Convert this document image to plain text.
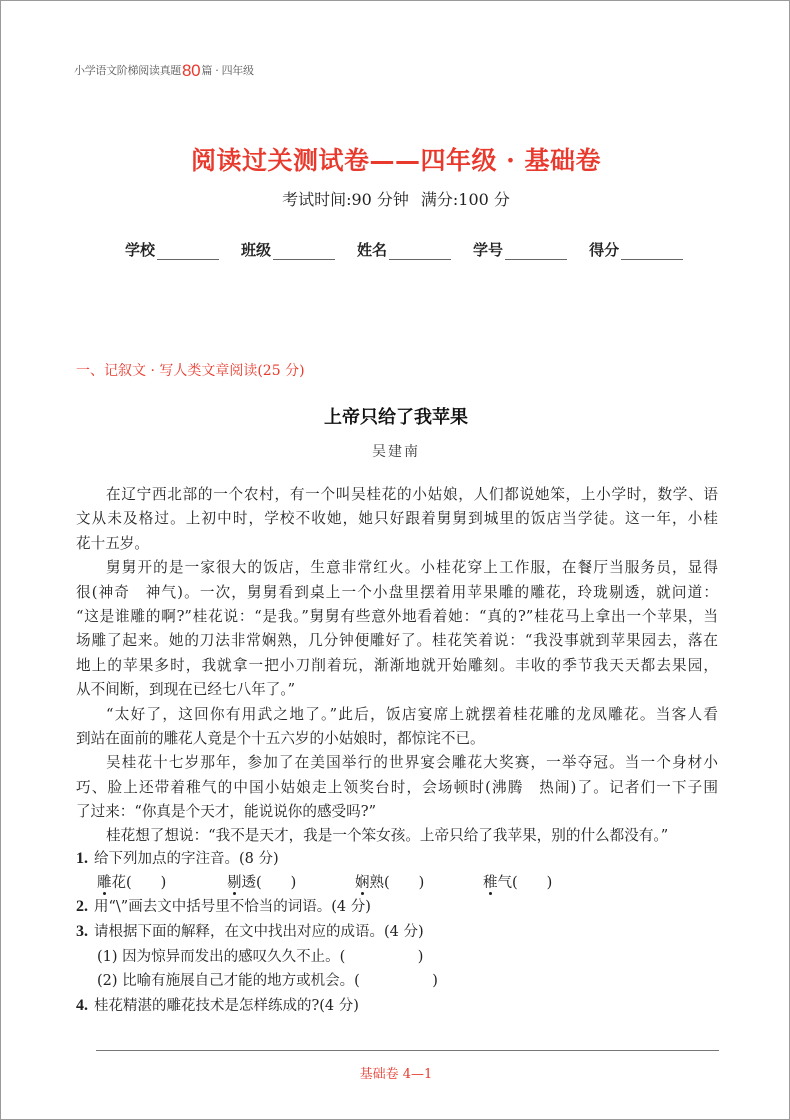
小学语文阶梯阅读真题80篇 · 四年级
阅读过关测试卷——四年级 · 基础卷
考试时间:90 分钟 满分:100 分
学校	班级	姓名	学号	得分
一、记叙文 · 写人类文章阅读(25 分)
上帝只给了我苹果
吴建南
在辽宁西北部的一个农村，有一个叫吴桂花的小姑娘，人们都说她笨，上小学时，数学、语
文从未及格过。上初中时，学校不收她，她只好跟着舅舅到城里的饭店当学徒。这一年，小桂
花十五岁。
舅舅开的是一家很大的饭店，生意非常红火。小桂花穿上工作服，在餐厅当服务员，显得
很(神奇　神气)。一次，舅舅看到桌上一个小盘里摆着用苹果雕的雕花，玲珑剔透，就问道：
“这是谁雕的啊?”桂花说：“是我。”舅舅有些意外地看着她：“真的?”桂花马上拿出一个苹果，当
场雕了起来。她的刀法非常娴熟，几分钟便雕好了。桂花笑着说：“我没事就到苹果园去，落在
地上的苹果多时，我就拿一把小刀削着玩，渐渐地就开始雕刻。丰收的季节我天天都去果园，
从不间断，到现在已经七八年了。”
“太好了，这回你有用武之地了。”此后，饭店宴席上就摆着桂花雕的龙凤雕花。当客人看
到站在面前的雕花人竟是个十五六岁的小姑娘时，都惊诧不已。
吴桂花十七岁那年，参加了在美国举行的世界宴会雕花大奖赛，一举夺冠。当一个身材小
巧、脸上还带着稚气的中国小姑娘走上领奖台时，会场顿时(沸腾　热闹)了。记者们一下子围
了过来：“你真是个天才，能说说你的感受吗?”
桂花想了想说：“我不是天才，我是一个笨女孩。上帝只给了我苹果，别的什么都没有。”
1. 给下列加点的字注音。(8 分)
雕花(　　)	剔透(　　)	娴熟(　　)	稚气(　　)
2. 用“\”画去文中括号里不恰当的词语。(4 分)
3. 请根据下面的解释，在文中找出对应的成语。(4 分)
(1) 因为惊异而发出的感叹久久不止。(　　　　　)
(2) 比喻有施展自己才能的地方或机会。(　　　　　)
4. 桂花精湛的雕花技术是怎样练成的?(4 分)
基础卷 4—1
